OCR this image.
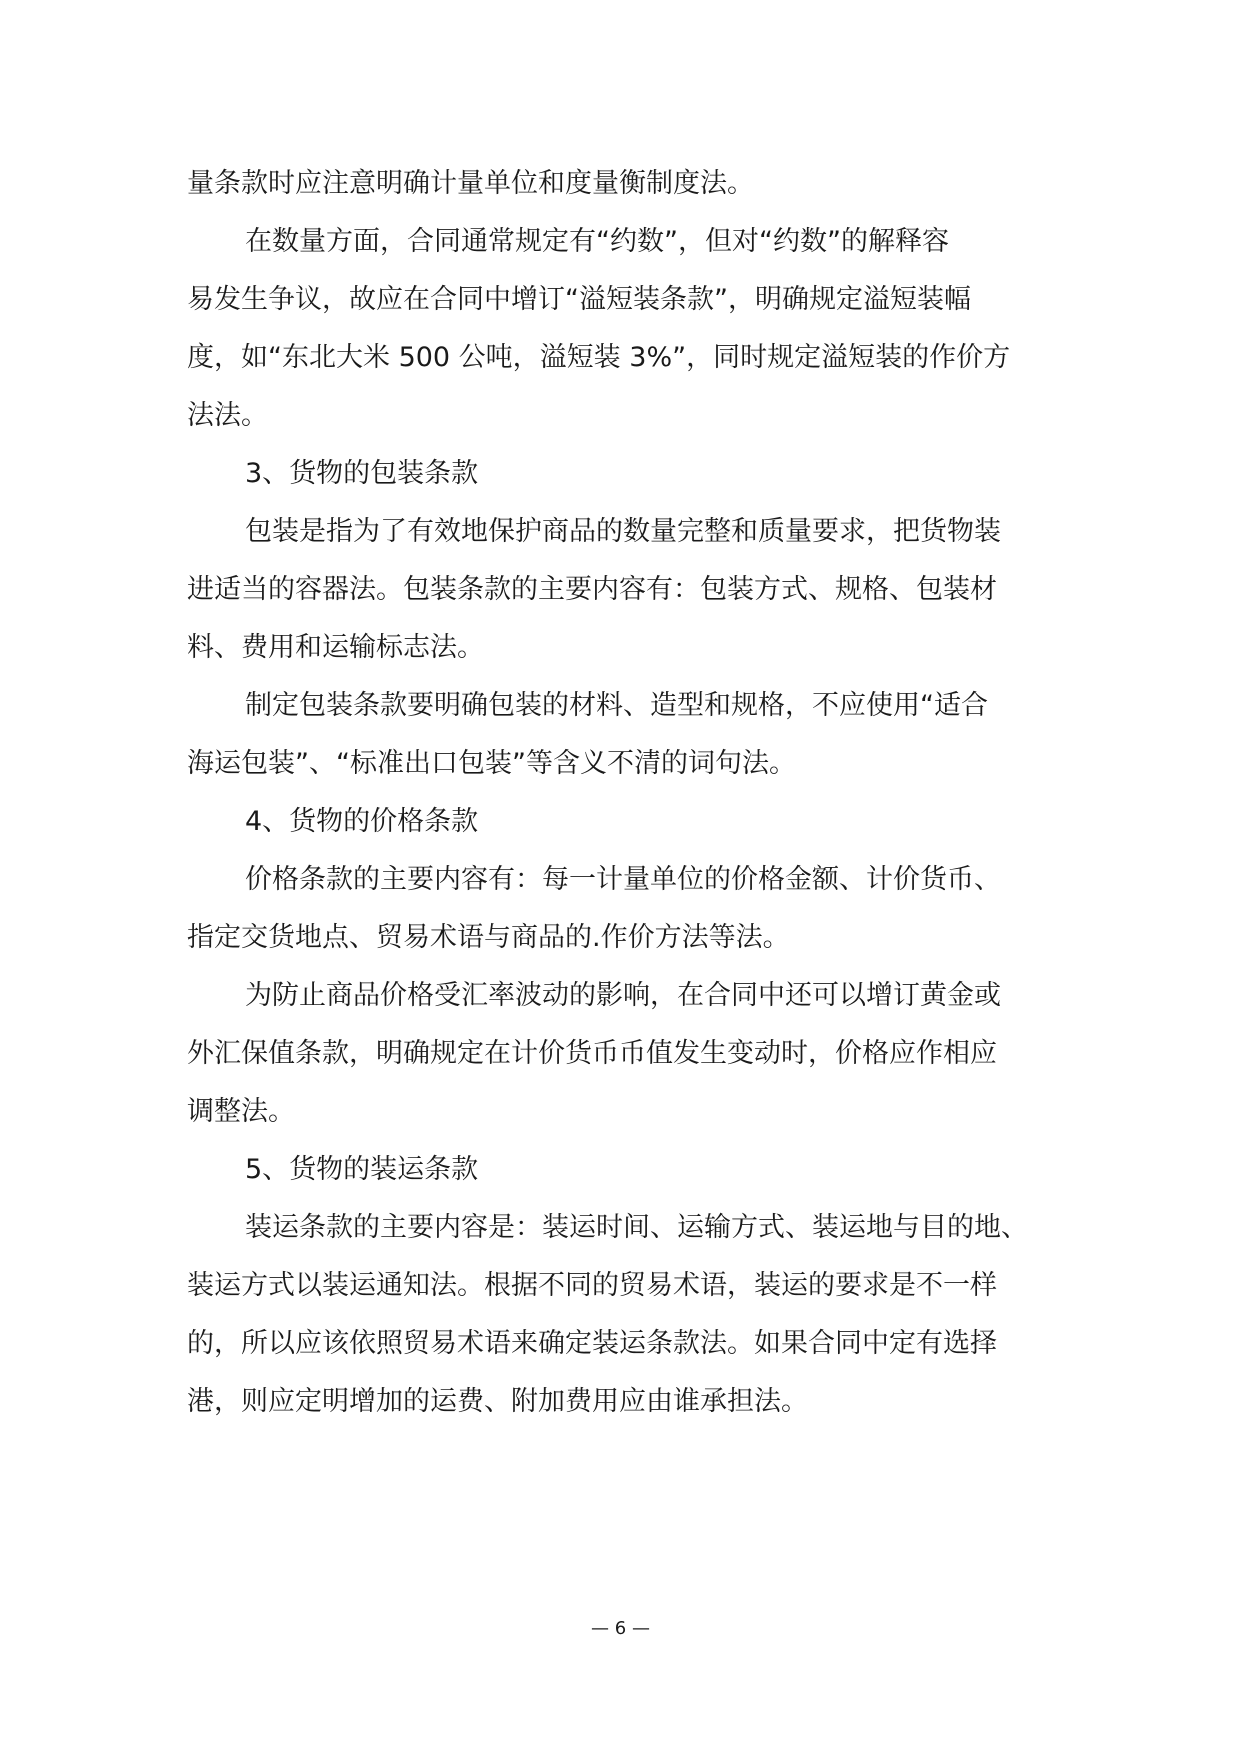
量条款时应注意明确计量单位和度量衡制度法。
在数量方面，合同通常规定有“约数”，但对“约数”的解释容
易发生争议，故应在合同中增订“溢短装条款”，明确规定溢短装幅
度，如“东北大米 500 公吨，溢短装 3%”，同时规定溢短装的作价方
法法。
3、货物的包装条款
包装是指为了有效地保护商品的数量完整和质量要求，把货物装
进适当的容器法。包装条款的主要内容有：包装方式、规格、包装材
料、费用和运输标志法。
制定包装条款要明确包装的材料、造型和规格，不应使用“适合
海运包装”、“标准出口包装”等含义不清的词句法。
4、货物的价格条款
价格条款的主要内容有：每一计量单位的价格金额、计价货币、
指定交货地点、贸易术语与商品的.作价方法等法。
为防止商品价格受汇率波动的影响，在合同中还可以增订黄金或
外汇保值条款，明确规定在计价货币币值发生变动时，价格应作相应
调整法。
5、货物的装运条款
装运条款的主要内容是：装运时间、运输方式、装运地与目的地、
装运方式以装运通知法。根据不同的贸易术语，装运的要求是不一样
的，所以应该依照贸易术语来确定装运条款法。如果合同中定有选择
港，则应定明增加的运费、附加费用应由谁承担法。
— 6 —
